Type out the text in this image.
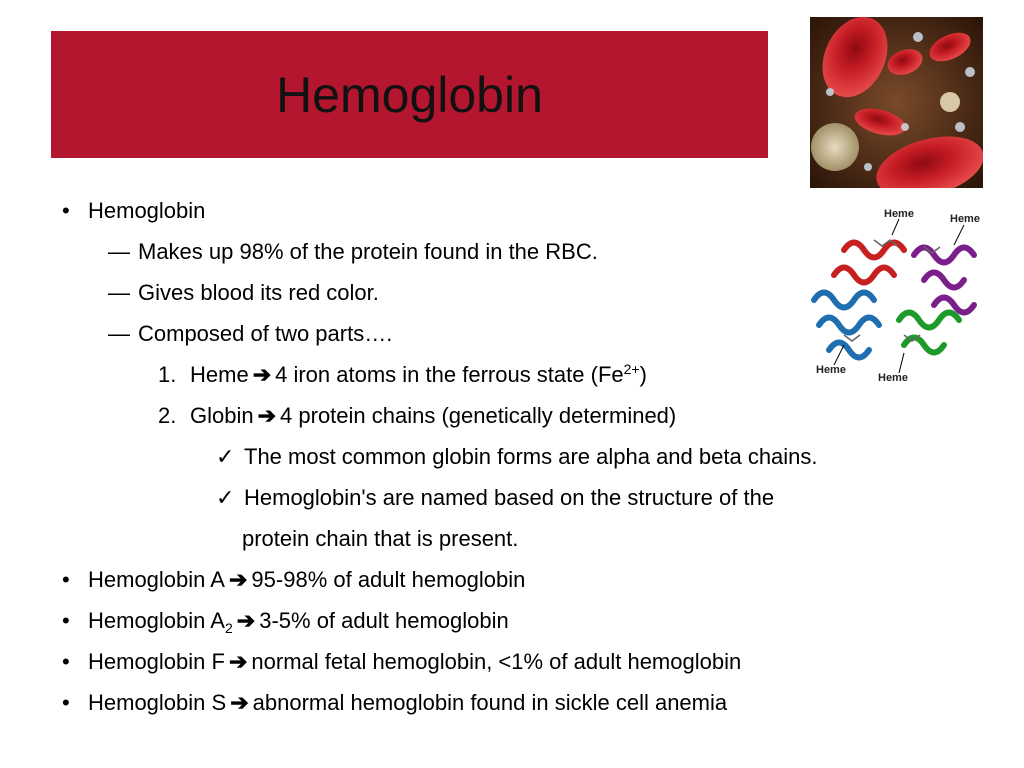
Hemoglobin
Heme	Heme
Heme
Heme
• Hemoglobin
— Makes up 98% of the protein found in the RBC.
— Gives blood its red color.
— Composed of two parts….
1. Heme ➔ 4 iron atoms in the ferrous state $(Fe^{2+})$
2. Globin ➔ 4 protein chains (genetically determined)
✓ The most common globin forms are alpha and beta chains.
✓ Hemoglobin's are named based on the structure of the
protein chain that is present.
• Hemoglobin A ➔ 95-98% of adult hemoglobin
• Hemoglobin $A_2$ ➔ 3-5% of adult hemoglobin
• Hemoglobin F ➔ normal fetal hemoglobin, <1% of adult hemoglobin
• Hemoglobin S ➔ abnormal hemoglobin found in sickle cell anemia
